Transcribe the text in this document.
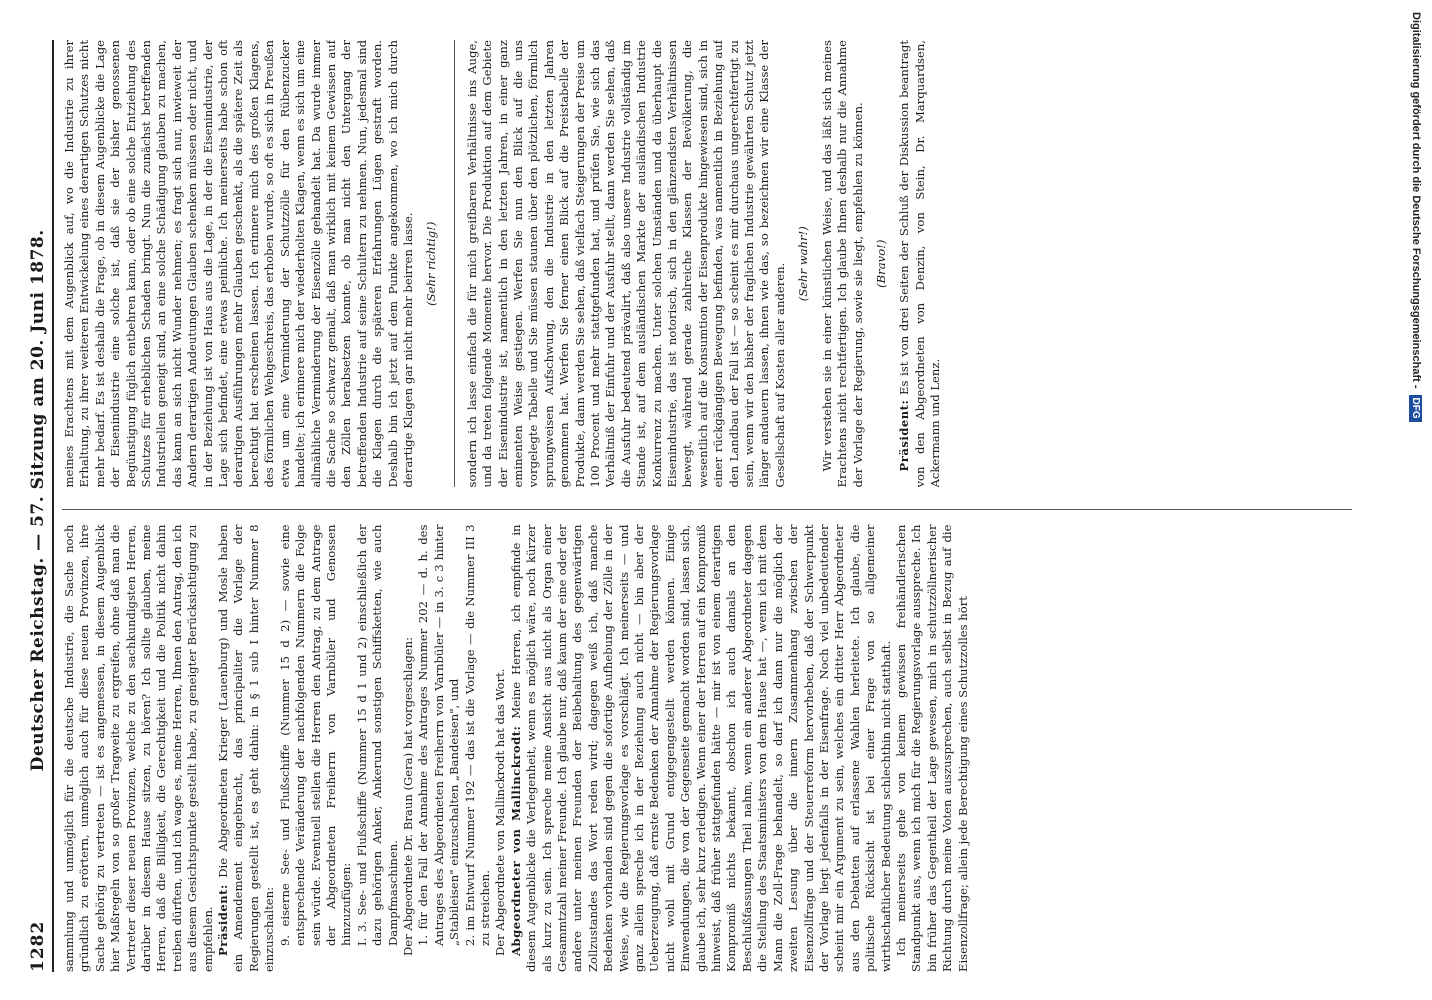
1282
Deutscher Reichstag. — 57. Sitzung am 20. Juni 1878. sammlung und unmöglich für die deutsche Industrie, die Sache noch gründlich zu erörtern, unmöglich auch für diese neuen Provinzen, ihre Sache gehörig zu vertreten — ist es angemessen, in diesem Augenblick hier Maßregeln von so großer Tragweite zu ergreifen, ohne daß man die Vertreter dieser neuen Provinzen, welche zu den sachkundigsten Herren, darüber in diesem Hause sitzen, zu hören? Ich sollte glauben, meine Herren, daß die Billigkeit, die Gerechtigkeit und die Politik nicht dahin treiben dürften, und ich wage es, meine Herren, Ihnen den Antrag, den ich aus diesem Gesichtspunkte gestellt habe, zu geneigter Berücksichtigung zu empfehlen. Präsident: Die Abgeordneten Krieger (Lauenburg) und Mosle haben ein Amendement eingebracht, das principaliter die Vorlage der Regierungen gestellt ist, es geht dahin: in § 1 sub I hinter Nummer 8 einzuschalten: 9. eiserne See- und Flußschiffe (Nummer 15 d 2) — sowie eine entsprechende Veränderung der nachfolgenden Nummern die Folge sein würde. Eventuell stellen die Herren den Antrag, zu dem Antrage der Abgeordneten Freiherrn von Varnbüler und Genossen hinzuzufügen: I. 3. See- und Flußschiffe (Nummer 15 d 1 und 2) einschließlich der dazu gehörigen Anker, Ankerund sonstigen Schiffsketten, wie auch Dampfmaschinen. Der Abgeordnete Dr. Braun (Gera) hat vorgeschlagen: 1. für den Fall der Annahme des Antrages Nummer 202 — d. h. des Antrages des Abgeordneten Freiherrn von Varnbüler — in 3. c 3 hinter „Stabileisen" einzuschalten „Bandeisen", und 2. im Entwurf Nummer 192 — das ist die Vorlage — die Nummer III 3 zu streichen. Der Abgeordnete von Mallinckrodt hat das Wort. Abgeordneter von Mallinckrodt: Meine Herren, ich empfinde in diesem Augenblicke die Verlegenheit, wenn es möglich wäre, noch kürzer als kurz zu sein. Ich spreche meine Ansicht aus nicht als Organ einer Gesammtzahl meiner Freunde. Ich glaube nur, daß kaum der eine oder der andere unter meinen Freunden der Beibehaltung des gegenwärtigen Zollzustandes das Wort reden wird; dagegen weiß ich, daß manche Bedenken vorhanden sind gegen die sofortige Aufhebung der Zölle in der Weise, wie die Regierungsvorlage es vorschlägt. Ich meinerseits — und ganz allein spreche ich in der Beziehung auch nicht — bin aber der Ueberzeugung, daß ernste Bedenken der Annahme der Regierungsvorlage nicht wohl mit Grund entgegengestellt werden können. Einige Einwendungen, die von der Gegenseite gemacht worden sind, lassen sich, glaube ich, sehr kurz erledigen. Wenn einer der Herren auf ein Kompromiß hinweist, daß früher stattgefunden hätte — mir ist von einem derartigen Kompromiß nichts bekannt, obschon ich auch damals an den Beschlußfassungen Theil nahm, wenn ein anderer Abgeordneter dagegen die Stellung des Staatsministers von dem Hause hat —, wenn ich mit dem Mann die Zoll-Frage behandelt, so darf ich dann nur die möglich der zweiten Lesung über die innern Zusammenhang zwischen der Eisenzollfrage und der Steuerreform hervorheben, daß der Schwerpunkt der Vorlage liegt jedenfalls in der Eisenfrage. Noch viel unbedeutender scheint mir ein Argument zu sein, welches ein dritter Herr Abgeordneter aus den Debatten auf erlassene Wahlen herleitete. Ich glaube, die politische Rücksicht ist bei einer Frage von so allgemeiner wirthschaftlicher Bedeutung schlechthin nicht statthaft. Ich meinerseits gehe von keinem gewissen freihändlerischen Standpunkt aus, wenn ich mich für die Regierungsvorlage ausspreche. Ich bin früher das Gegentheil der Lage gewesen, mich in schutzzöllnerischer Richtung durch meine Voten auszusprechen, auch selbst in Bezug auf die Eisenzollfrage; allein jede Berechtigung eines Schutzzolles hört

meines Erachtens mit dem Augenblick auf, wo die Industrie zu ihrer Erhaltung, zu ihrer weiteren Entwickelung eines derartigen Schutzes nicht mehr bedarf. Es ist deshalb die Frage, ob in diesem Augenblicke die Lage der Eisenindustrie eine solche ist, daß sie der bisher genossenen Begünstigung füglich entbehren kann, oder ob eine solche Entziehung des Schutzes für erheblichen Schaden bringt. Nun die zunächst betreffenden Industriellen geneigt sind, an eine solche Schädigung glauben zu machen, das kann an sich nicht Wunder nehmen; es fragt sich nur, inwieweit der Andern derartigen Andeutungen Glauben schenken müssen oder nicht, und in der Beziehung ist von Haus aus die Lage, in der die Eisenindustrie, der Lage sich befindet, eine etwas peinliche. Ich meinerseits habe schon oft derartigen Ausführungen mehr Glauben geschenkt, als die spätere Zeit als berechtigt hat erscheinen lassen. Ich erinnere mich des großen Klagens, des förmlichen Wehgeschreis, das erhoben wurde, so oft es sich in Preußen etwa um eine Verminderung der Schutzzölle für den Rübenzucker handelte; ich erinnere mich der wiederholten Klagen, wenn es sich um eine allmähliche Verminderung der Eisenzölle gehandelt hat. Da wurde immer die Sache so schwarz gemalt, daß man wirklich mit keinem Gewissen auf den Zöllen herabsetzen konnte, ob man nicht den Untergang der betreffenden Industrie auf seine Schultern zu nehmen. Nun, jedesmal sind die Klagen durch die späteren Erfahrungen Lügen gestraft worden. Deshalb bin ich jetzt auf dem Punkte angekommen, wo ich mich durch derartige Klagen gar nicht mehr beirren lasse. (Sehr richtig!) sondern ich lasse einfach die für mich greifbaren Verhältnisse ins Auge, und da treten folgende Momente hervor. Die Produktion auf dem Gebiete der Eisenindustrie ist, namentlich in den letzten Jahren, in einer ganz eminenten Weise gestiegen. Werfen Sie nun den Blick auf die uns vorgelegte Tabelle und Sie müssen staunen über den plötzlichen, förmlich sprungweisen Aufschwung, den die Industrie in den letzten Jahren genommen hat. Werfen Sie ferner einen Blick auf die Preistabelle der Produkte, dann werden Sie sehen, daß vielfach Steigerungen der Preise um 100 Procent und mehr stattgefunden hat, und prüfen Sie, wie sich das Verhältniß der Einfuhr und der Ausfuhr stellt, dann werden Sie sehen, daß die Ausfuhr bedeutend prävalirt, daß also unsere Industrie vollständig im Stande ist, auf dem ausländischen Markte der ausländischen Industrie Konkurrenz zu machen. Unter solchen Umständen und da überhaupt die Eisenindustrie, das ist notorisch, sich in den glänzendsten Verhältnissen bewegt, während gerade zahlreiche Klassen der Bevölkerung, die wesentlich auf die Konsumtion der Eisenprodukte hingewiesen sind, sich in einer rückgängigen Bewegung befinden, was namentlich in Beziehung auf den Landbau der Fall ist — so scheint es mir durchaus ungerechtfertigt zu sein, wenn wir den bisher der fraglichen Industrie gewährten Schutz jetzt länger andauern lassen, ihnen wie das, so bezeichnen wir eine Klasse der Gesellschaft auf Kosten aller anderen. (Sehr wahr!) Wir verstehen sie in einer künstlichen Weise, und das läßt sich meines Erachtens nicht rechtfertigen. Ich glaube Ihnen deshalb nur die Annahme der Vorlage der Regierung, sowie sie liegt, empfehlen zu können. (Bravo!)

Präsident: Es ist von drei Seiten der Schluß der Diskussion beantragt von den Abgeordneten von Denzin, von Stein, Dr. Marquardsen, Ackermann und Lenz.

Digitalisierung gefördert durch die Deutsche Forschungsgemeinschaft -
DFG
